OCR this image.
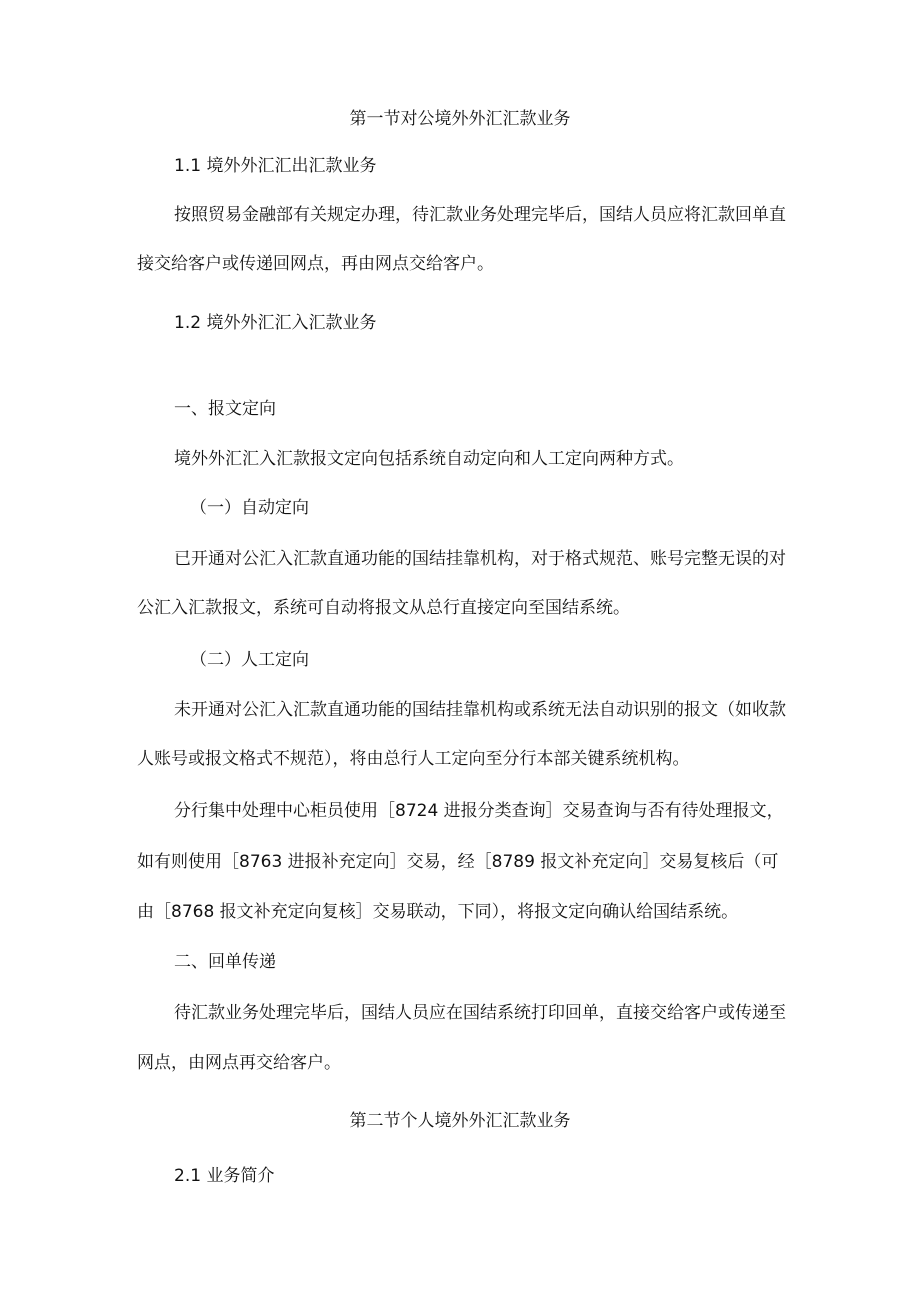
第一节对公境外外汇汇款业务
1.1 境外外汇汇出汇款业务
按照贸易金融部有关规定办理，待汇款业务处理完毕后，国结人员应将汇款回单直
接交给客户或传递回网点，再由网点交给客户。
1.2 境外外汇汇入汇款业务
一、报文定向
境外外汇汇入汇款报文定向包括系统自动定向和人工定向两种方式。
（一）自动定向
已开通对公汇入汇款直通功能的国结挂靠机构，对于格式规范、账号完整无误的对
公汇入汇款报文，系统可自动将报文从总行直接定向至国结系统。
（二）人工定向
未开通对公汇入汇款直通功能的国结挂靠机构或系统无法自动识别的报文（如收款
人账号或报文格式不规范），将由总行人工定向至分行本部关键系统机构。
分行集中处理中心柜员使用［8724 进报分类查询］交易查询与否有待处理报文，
如有则使用［8763 进报补充定向］交易，经［8789 报文补充定向］交易复核后（可
由［8768 报文补充定向复核］交易联动，下同），将报文定向确认给国结系统。
二、回单传递
待汇款业务处理完毕后，国结人员应在国结系统打印回单，直接交给客户或传递至
网点，由网点再交给客户。
第二节个人境外外汇汇款业务
2.1 业务简介
